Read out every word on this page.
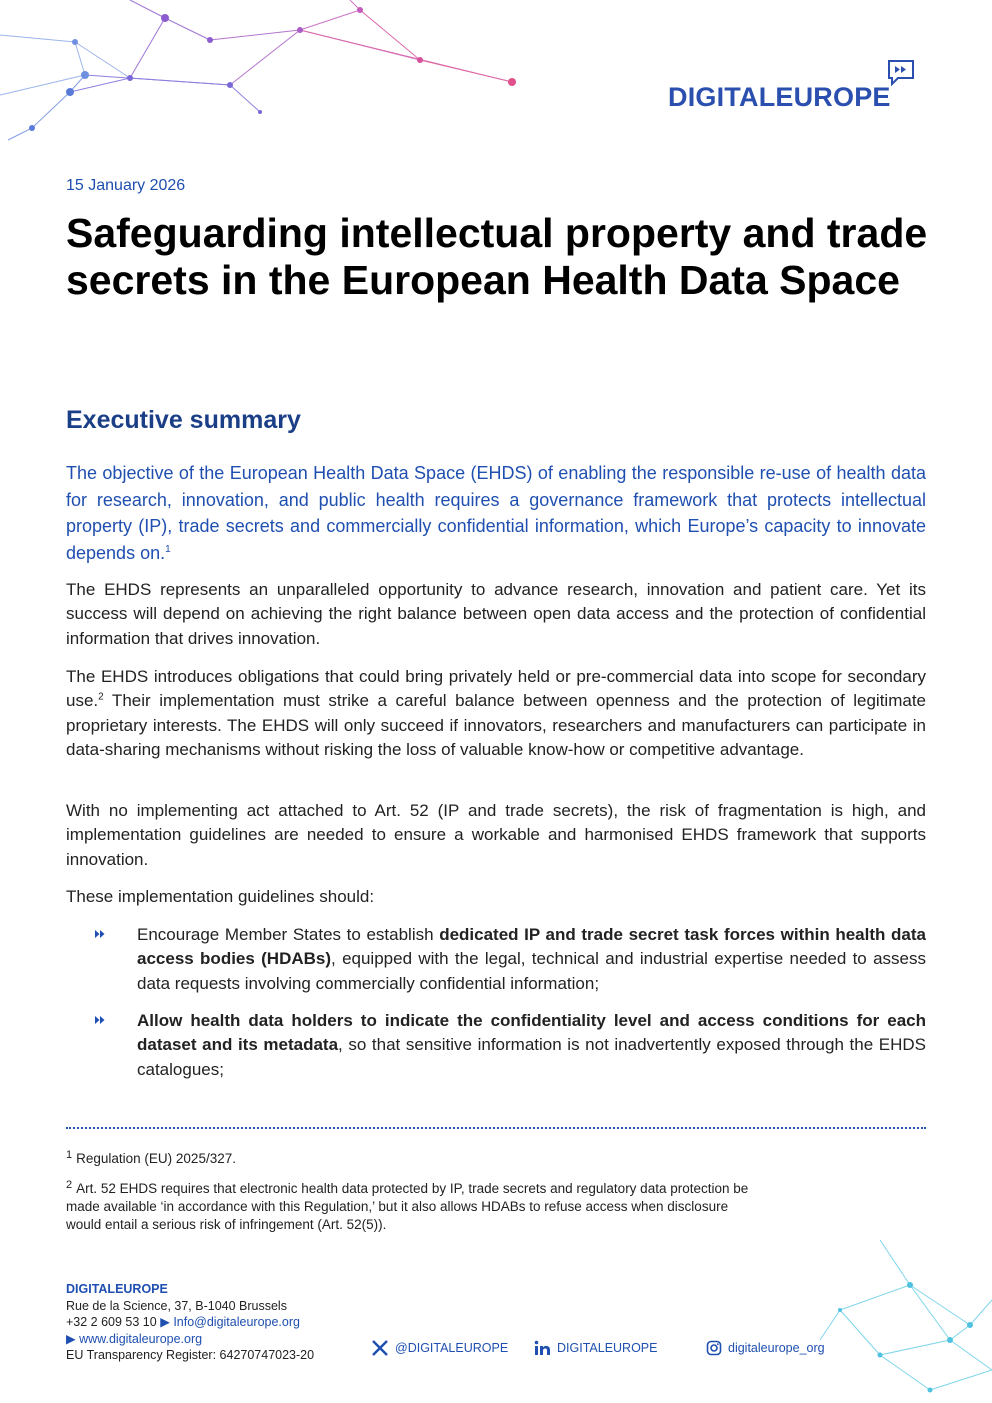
DIGITALEUROPE
15 January 2026
Safeguarding intellectual property and trade secrets in the European Health Data Space
Executive summary

The objective of the European Health Data Space (EHDS) of enabling the responsible re-use of health data for research, innovation, and public health requires a governance framework that protects intellectual property (IP), trade secrets and commercially confidential information, which Europe’s capacity to innovate depends on.$^1$

The EHDS represents an unparalleled opportunity to advance research, innovation and patient care. Yet its success will depend on achieving the right balance between open data access and the protection of confidential information that drives innovation.

The EHDS introduces obligations that could bring privately held or pre-commercial data into scope for secondary use.$^2$ Their implementation must strike a careful balance between openness and the protection of legitimate proprietary interests. The EHDS will only succeed if innovators, researchers and manufacturers can participate in data-sharing mechanisms without risking the loss of valuable know-how or competitive advantage.

With no implementing act attached to Art. 52 (IP and trade secrets), the risk of fragmentation is high, and implementation guidelines are needed to ensure a workable and harmonised EHDS framework that supports innovation.

These implementation guidelines should:

Encourage Member States to establish dedicated IP and trade secret task forces within health data access bodies (HDABs), equipped with the legal, technical and industrial expertise needed to assess data requests involving commercially confidential information;

Allow health data holders to indicate the confidentiality level and access conditions for each dataset and its metadata, so that sensitive information is not inadvertently exposed through the EHDS catalogues;

$^1$ Regulation (EU) 2025/327.

$^2$ Art. 52 EHDS requires that electronic health data protected by IP, trade secrets and regulatory data protection be made available ‘in accordance with this Regulation,’ but it also allows HDABs to refuse access when disclosure would entail a serious risk of infringement (Art. 52(5)).

DIGITALEUROPE
Rue de la Science, 37, B-1040 Brussels
+32 2 609 53 10 ▶ Info@digitaleurope.org
▶ www.digitaleurope.org
EU Transparency Register: 64270747023-20
@DIGITALEUROPE	DIGITALEUROPE	digitaleurope_org
